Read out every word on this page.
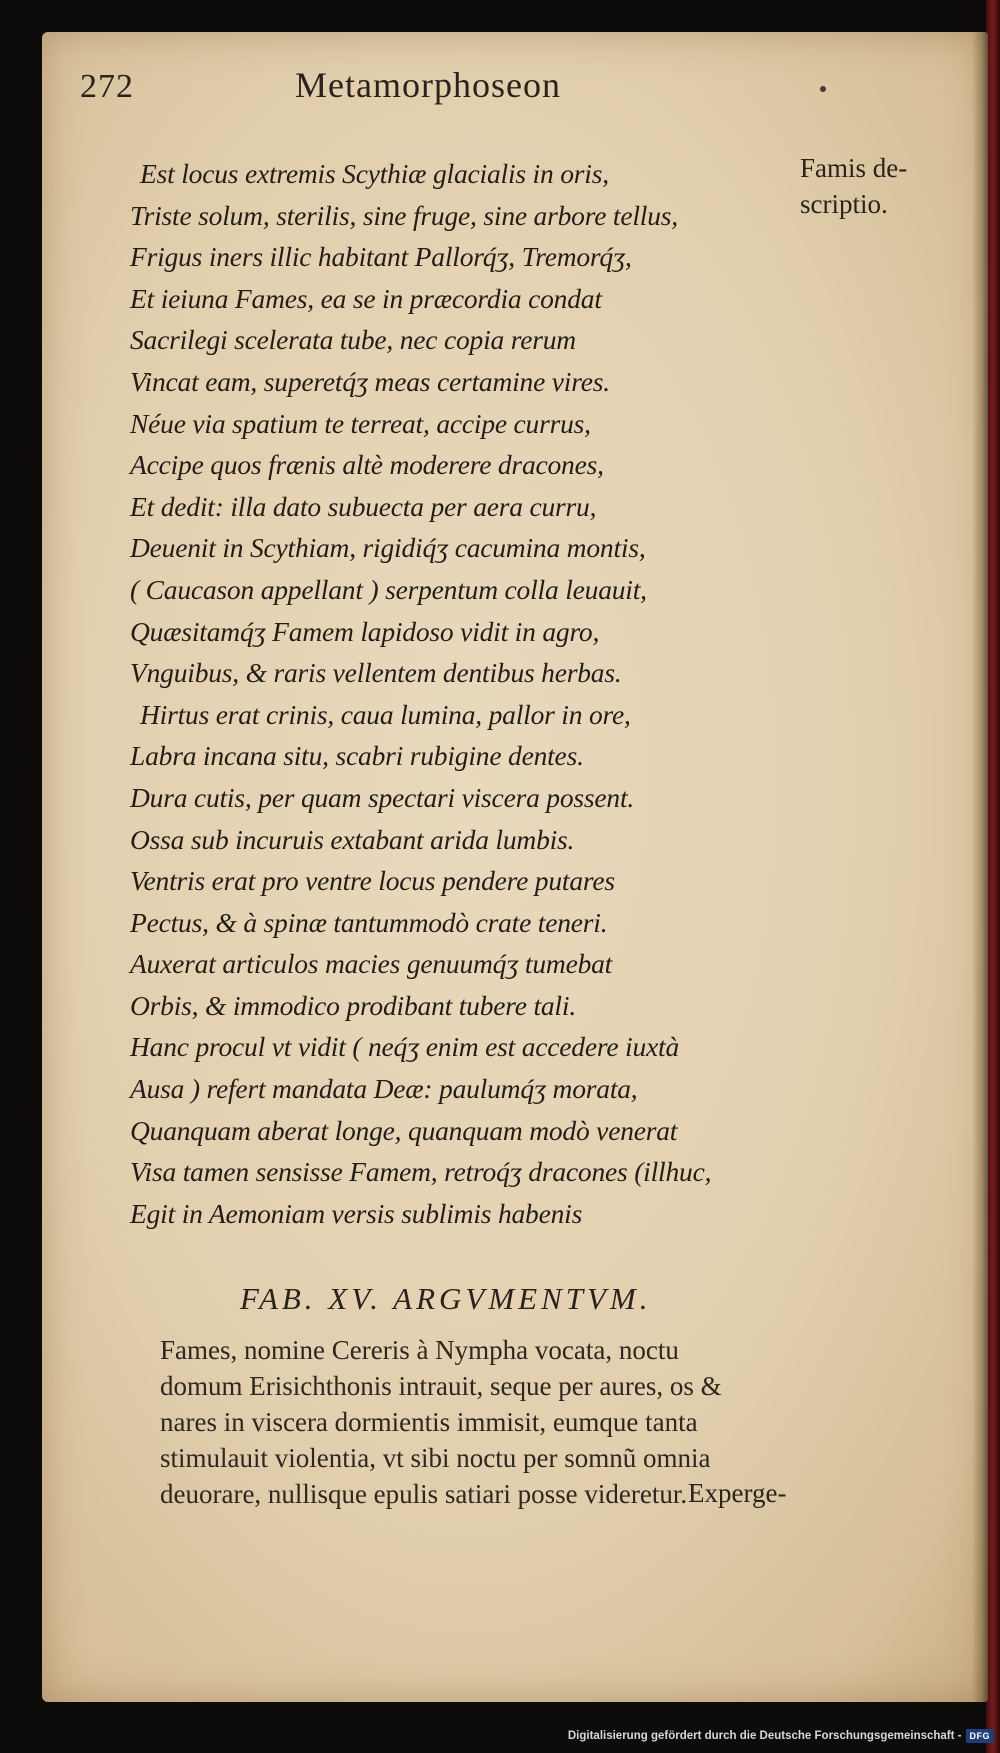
272	Metamorphoseon
Famis de-
scriptio.
Est locus extremis Scythiæ glacialis in oris,
Triste solum, sterilis, sine fruge, sine arbore tellus,
Frigus iners illic habitant Pallorq́ʒ, Tremorq́ʒ,
Et ieiuna Fames, ea se in præcordia condat
Sacrilegi scelerata tube, nec copia rerum
Vincat eam, superetq́ʒ meas certamine vires.
Néue via spatium te terreat, accipe currus,
Accipe quos frænis altè moderere dracones,
Et dedit: illa dato subuecta per aera curru,
Deuenit in Scythiam, rigidiq́ʒ cacumina montis,
( Caucason appellant ) serpentum colla leuauit,
Quæsitamq́ʒ Famem lapidoso vidit in agro,
Vnguibus, & raris vellentem dentibus herbas.
Hirtus erat crinis, caua lumina, pallor in ore,
Labra incana situ, scabri rubigine dentes.
Dura cutis, per quam spectari viscera possent.
Ossa sub incuruis extabant arida lumbis.
Ventris erat pro ventre locus pendere putares
Pectus, & à spinæ tantummodò crate teneri.
Auxerat articulos macies genuumq́ʒ tumebat
Orbis, & immodico prodibant tubere tali.
Hanc procul vt vidit ( neq́ʒ enim est accedere iuxtà
Ausa ) refert mandata Deæ: paulumq́ʒ morata,
Quanquam aberat longe, quanquam modò venerat
Visa tamen sensisse Famem, retroq́ʒ dracones (illhuc,
Egit in Aemoniam versis sublimis habenis
FAB. XV. ARGVMENTVM.
Fames, nomine Cereris à Nympha vocata, noctu
domum Erisichthonis intrauit, seque per aures, os &
nares in viscera dormientis immisit, eumque tanta
stimulauit violentia, vt sibi noctu per somnũ omnia
deuorare, nullisque epulis satiari posse videretur. Experge-
Digitalisierung gefördert durch die Deutsche Forschungsgemeinschaft - DFG
